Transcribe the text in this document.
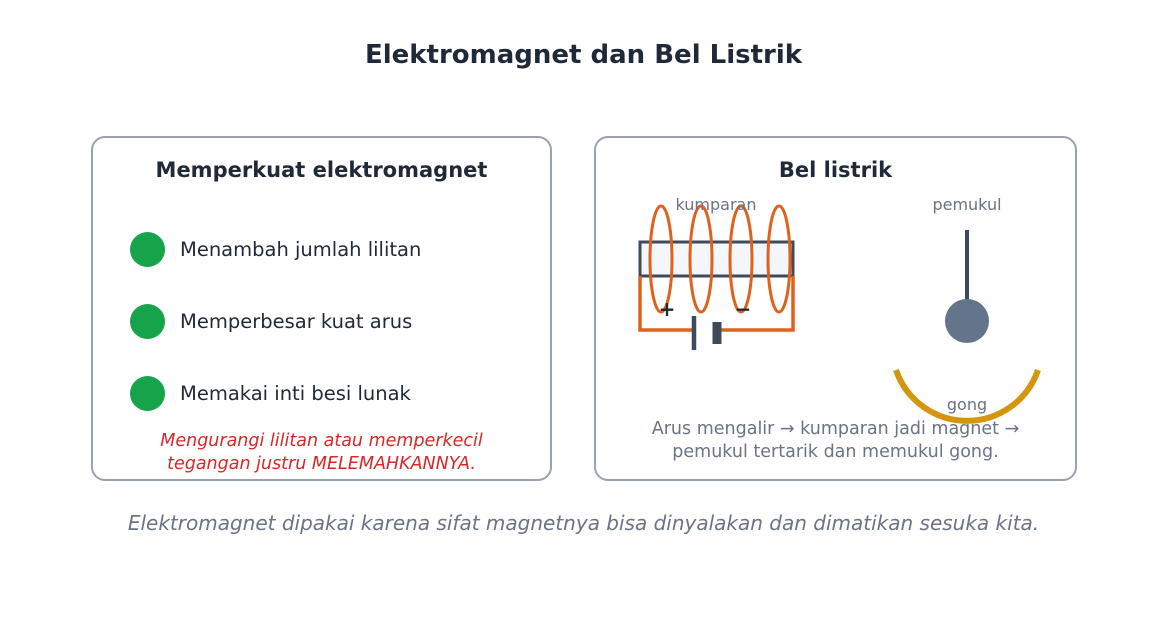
Elektromagnet dan Bel Listrik
Memperkuat elektromagnet
Menambah jumlah lilitan
Memperbesar kuat arus
Memakai inti besi lunak
Mengurangi lilitan atau memperkecil
tegangan justru MELEMAHKANNYA.
Bel listrik
+	−
kumparan	pemukul
gong
Arus mengalir → kumparan jadi magnet →
pemukul tertarik dan memukul gong.
Elektromagnet dipakai karena sifat magnetnya bisa dinyalakan dan dimatikan sesuka kita.
